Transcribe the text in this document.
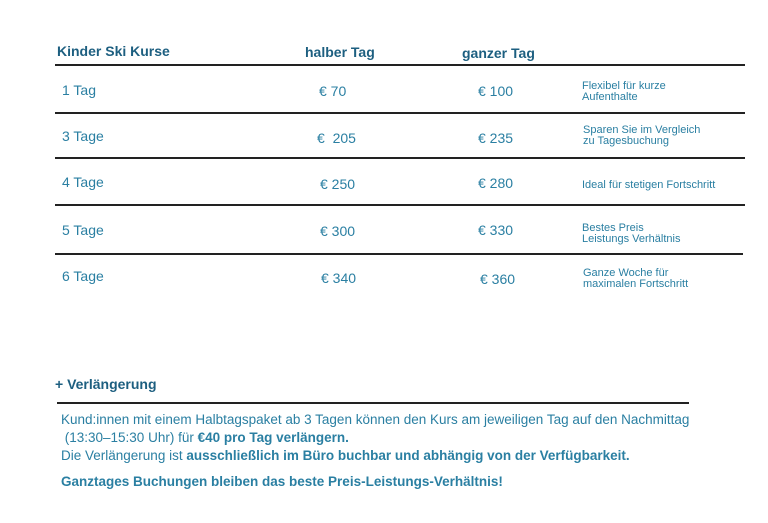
Kinder Ski Kurse	halber Tag	ganzer Tag
1 Tag	€ 70	€ 100	Flexibel für kurze
Aufenthalte
3 Tage	€  205	€ 235	Sparen Sie im Vergleich
zu Tagesbuchung
4 Tage	€ 250	€ 280	Ideal für stetigen Fortschritt
5 Tage	€ 300	€ 330	Bestes Preis
Leistungs Verhältnis
6 Tage	€ 340	€ 360	Ganze Woche für
maximalen Fortschritt
+ Verlängerung
Kund:innen mit einem Halbtagspaket ab 3 Tagen können den Kurs am jeweiligen Tag auf den Nachmittag
(13:30–15:30 Uhr) für €40 pro Tag verlängern.
Die Verlängerung ist ausschließlich im Büro buchbar und abhängig von der Verfügbarkeit.
Ganztages Buchungen bleiben das beste Preis-Leistungs-Verhältnis!
